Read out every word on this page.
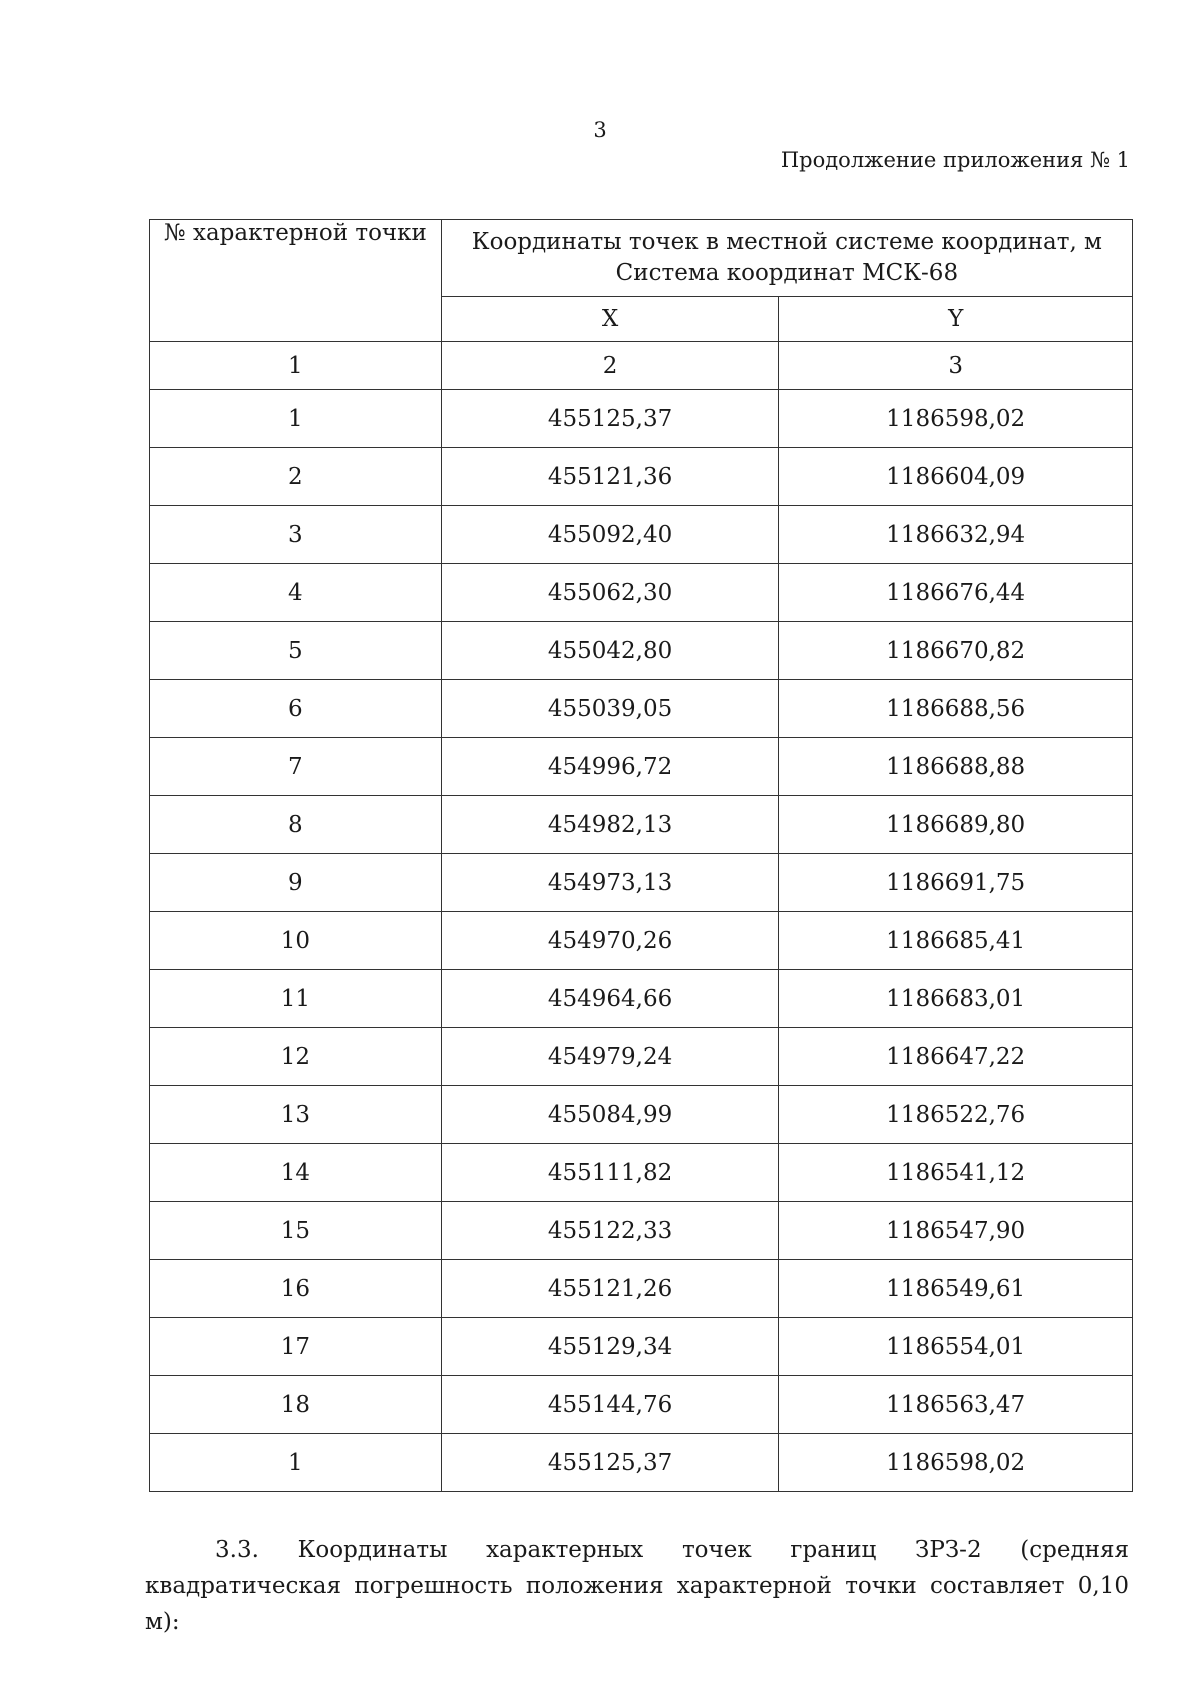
3
Продолжение приложения № 1
№ характерной точки	Координаты точек в местной системе координат, м
Система координат МСК-68	
	X	Y
1	2	3
1	455125,37	1186598,02
2	455121,36	1186604,09
3	455092,40	1186632,94
4	455062,30	1186676,44
5	455042,80	1186670,82
6	455039,05	1186688,56
7	454996,72	1186688,88
8	454982,13	1186689,80
9	454973,13	1186691,75
10	454970,26	1186685,41
11	454964,66	1186683,01
12	454979,24	1186647,22
13	455084,99	1186522,76
14	455111,82	1186541,12
15	455122,33	1186547,90
16	455121,26	1186549,61
17	455129,34	1186554,01
18	455144,76	1186563,47
1	455125,37	1186598,02
3.3. Координаты характерных точек границ ЗРЗ-2 (средняя
квадратическая погрешность положения характерной точки составляет 0,10 м):
